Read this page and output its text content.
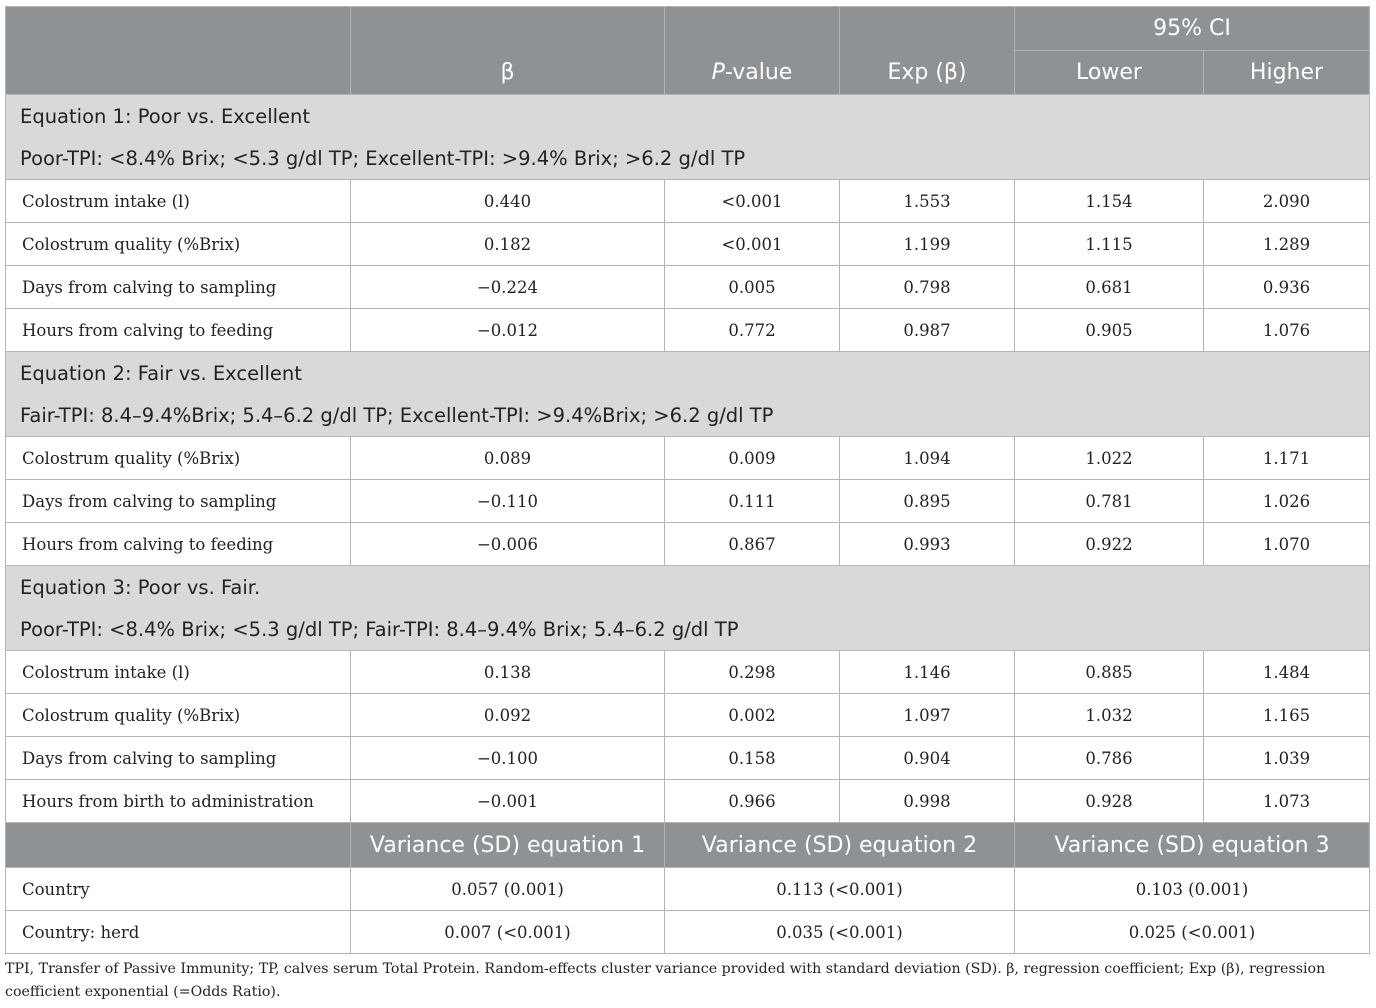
				95% CI	
	β	P-value	Exp (β)	Lower	Higher
Equation 1: Poor vs. Excellent					
Poor-TPI: <8.4% Brix; <5.3 g/dl TP; Excellent-TPI: >9.4% Brix; >6.2 g/dl TP					
Colostrum intake (l)	0.440	<0.001	1.553	1.154	2.090
Colostrum quality (%Brix)	0.182	<0.001	1.199	1.115	1.289
Days from calving to sampling	−0.224	0.005	0.798	0.681	0.936
Hours from calving to feeding	−0.012	0.772	0.987	0.905	1.076
Equation 2: Fair vs. Excellent					
Fair-TPI: 8.4–9.4%Brix; 5.4–6.2 g/dl TP; Excellent-TPI: >9.4%Brix; >6.2 g/dl TP					
Colostrum quality (%Brix)	0.089	0.009	1.094	1.022	1.171
Days from calving to sampling	−0.110	0.111	0.895	0.781	1.026
Hours from calving to feeding	−0.006	0.867	0.993	0.922	1.070
Equation 3: Poor vs. Fair.					
Poor-TPI: <8.4% Brix; <5.3 g/dl TP; Fair-TPI: 8.4–9.4% Brix; 5.4–6.2 g/dl TP					
Colostrum intake (l)	0.138	0.298	1.146	0.885	1.484
Colostrum quality (%Brix)	0.092	0.002	1.097	1.032	1.165
Days from calving to sampling	−0.100	0.158	0.904	0.786	1.039
Hours from birth to administration	−0.001	0.966	0.998	0.928	1.073
	Variance (SD) equation 1	Variance (SD) equation 2		Variance (SD) equation 3	
Country	0.057 (0.001)	0.113 (<0.001)		0.103 (0.001)	
Country: herd	0.007 (<0.001)	0.035 (<0.001)		0.025 (<0.001)	
TPI, Transfer of Passive Immunity; TP, calves serum Total Protein. Random-effects cluster variance provided with standard deviation (SD). β, regression coefficient; Exp (β), regression coefficient exponential (=Odds Ratio).
